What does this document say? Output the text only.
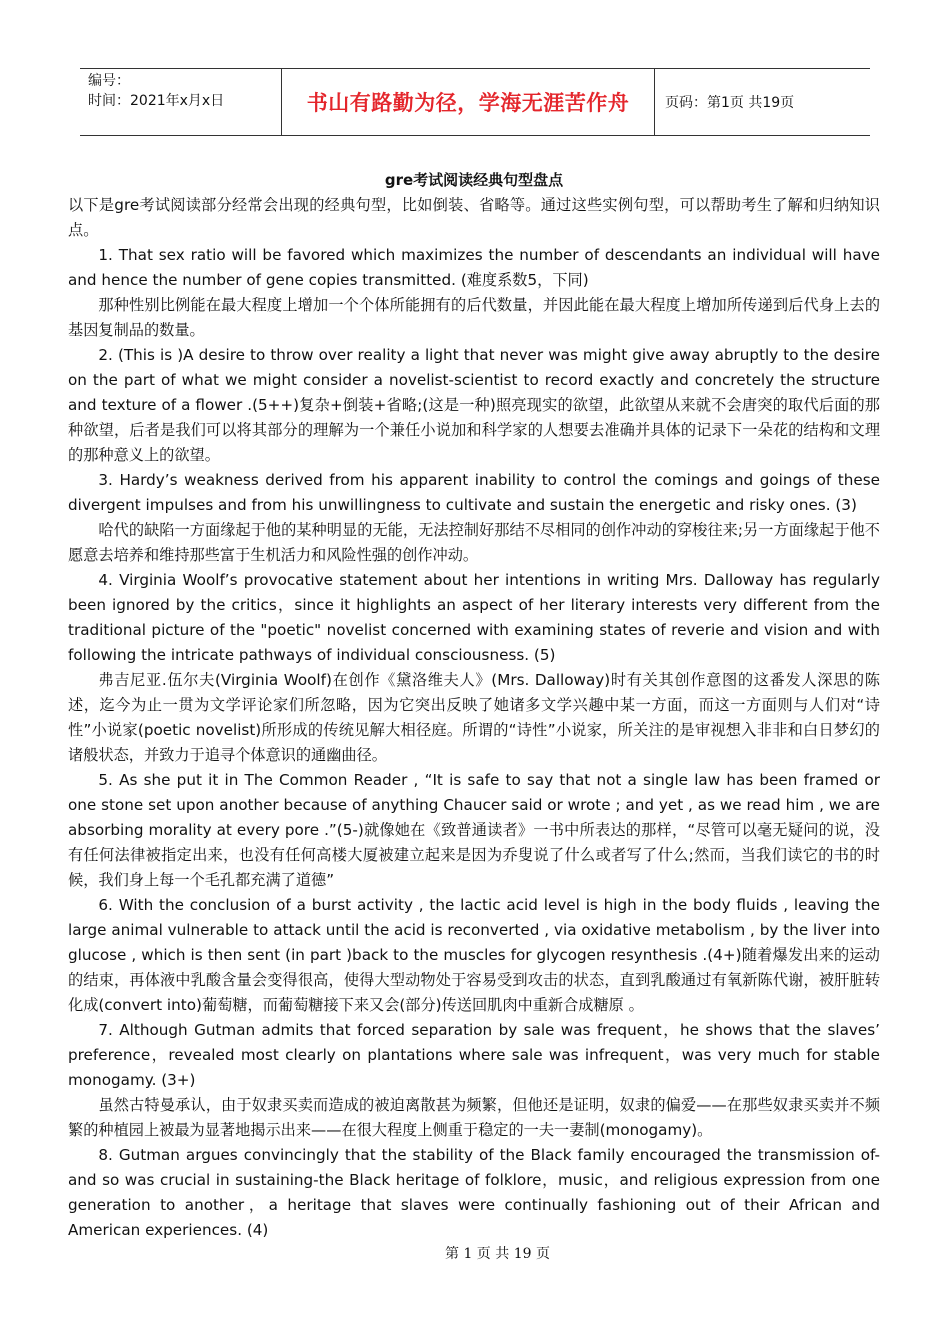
编号：
时间：2021年x月x日	书山有路勤为径，学海无涯苦作舟	页码：第1页 共19页
gre考试阅读经典句型盘点

以下是gre考试阅读部分经常会出现的经典句型，比如倒装、省略等。通过这些实例句型，可以帮助考生了解和归纳知识点。

1. That sex ratio will be favored which maximizes the number of descendants an individual will have and hence the number of gene copies transmitted. (难度系数5，下同)

那种性别比例能在最大程度上增加一个个体所能拥有的后代数量，并因此能在最大程度上增加所传递到后代身上去的基因复制品的数量。

2. (This is )A desire to throw over reality a light that never was might give away abruptly to the desire on the part of what we might consider a novelist-scientist to record exactly and concretely the structure and texture of a flower .(5++)复杂+倒装+省略;(这是一种)照亮现实的欲望，此欲望从来就不会唐突的取代后面的那种欲望，后者是我们可以将其部分的理解为一个兼任小说加和科学家的人想要去准确并具体的记录下一朵花的结构和文理的那种意义上的欲望。

3. Hardy’s weakness derived from his apparent inability to control the comings and goings of these divergent impulses and from his unwillingness to cultivate and sustain the energetic and risky ones. (3)

哈代的缺陷一方面缘起于他的某种明显的无能，无法控制好那结不尽相同的创作冲动的穿梭往来;另一方面缘起于他不愿意去培养和维持那些富于生机活力和风险性强的创作冲动。

4. Virginia Woolf’s provocative statement about her intentions in writing Mrs. Dalloway has regularly been ignored by the critics，since it highlights an aspect of her literary interests very different from the traditional picture of the "poetic" novelist concerned with examining states of reverie and vision and with following the intricate pathways of individual consciousness. (5)

弗吉尼亚.伍尔夫(Virginia Woolf)在创作《黛洛维夫人》(Mrs. Dalloway)时有关其创作意图的这番发人深思的陈述，迄今为止一贯为文学评论家们所忽略，因为它突出反映了她诸多文学兴趣中某一方面，而这一方面则与人们对“诗性”小说家(poetic novelist)所形成的传统见解大相径庭。所谓的“诗性”小说家，所关注的是审视想入非非和白日梦幻的诸般状态，并致力于追寻个体意识的通幽曲径。

5. As she put it in The Common Reader , “It is safe to say that not a single law has been framed or one stone set upon another because of anything Chaucer said or wrote ; and yet , as we read him , we are absorbing morality at every pore .”(5-)就像她在《致普通读者》一书中所表达的那样，“尽管可以毫无疑问的说，没有任何法律被指定出来，也没有任何高楼大厦被建立起来是因为乔叟说了什么或者写了什么;然而，当我们读它的书的时候，我们身上每一个毛孔都充满了道德”

6. With the conclusion of a burst activity , the lactic acid level is high in the body fluids , leaving the large animal vulnerable to attack until the acid is reconverted , via oxidative metabolism , by the liver into glucose , which is then sent (in part )back to the muscles for glycogen resynthesis .(4+)随着爆发出来的运动的结束，再体液中乳酸含量会变得很高，使得大型动物处于容易受到攻击的状态，直到乳酸通过有氧新陈代谢，被肝脏转化成(convert into)葡萄糖，而葡萄糖接下来又会(部分)传送回肌肉中重新合成糖原 。

7. Although Gutman admits that forced separation by sale was frequent，he shows that the slaves’ preference，revealed most clearly on plantations where sale was infrequent，was very much for stable monogamy. (3+)

虽然古特曼承认，由于奴隶买卖而造成的被迫离散甚为频繁，但他还是证明，奴隶的偏爱——在那些奴隶买卖并不频繁的种植园上被最为显著地揭示出来——在很大程度上侧重于稳定的一夫一妻制(monogamy)。

8. Gutman argues convincingly that the stability of the Black family encouraged the transmission of-and so was crucial in sustaining-the Black heritage of folklore，music，and religious expression from one generation to another，a heritage that slaves were continually fashioning out of their African and American experiences. (4)

第 1 页 共 19 页
